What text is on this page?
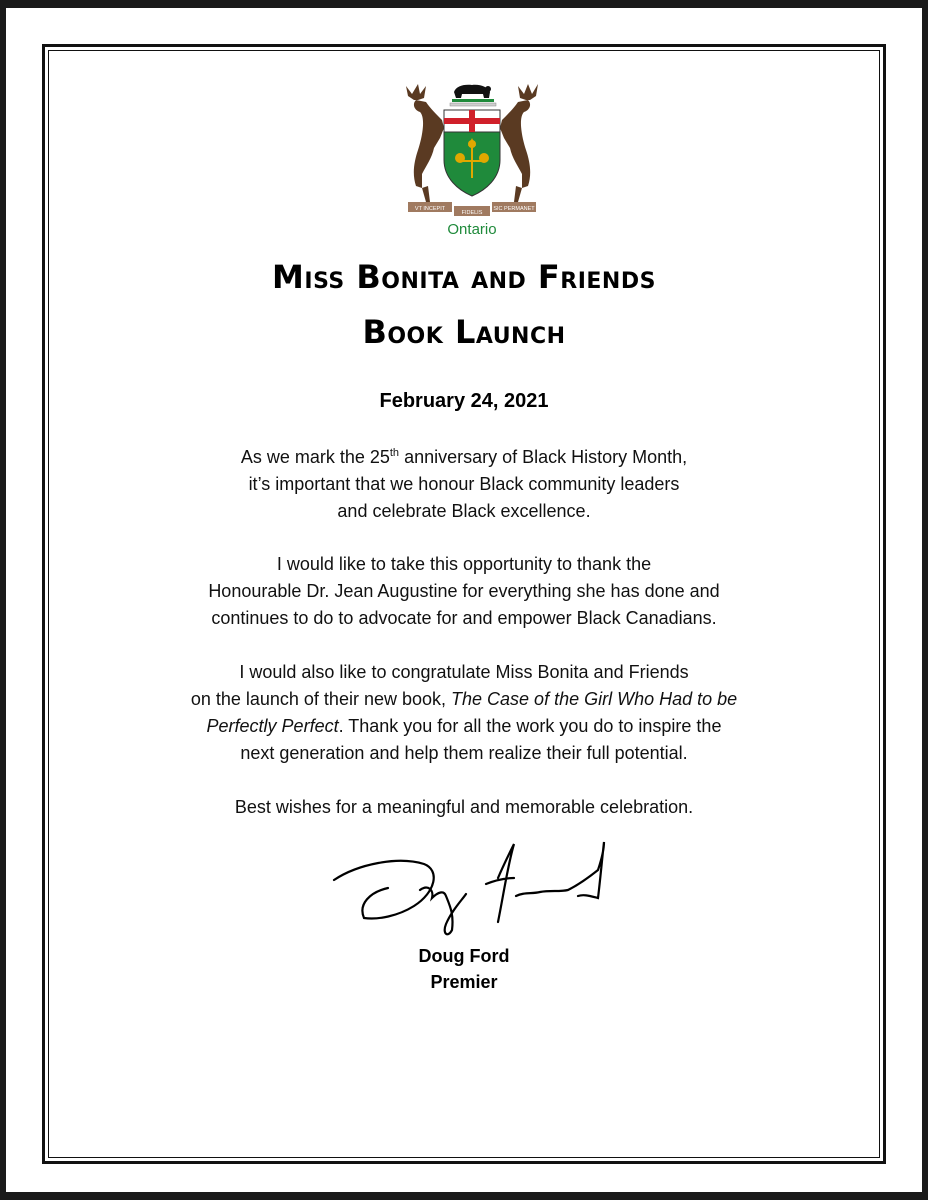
VT INCEPIT
FIDELIS
SIC PERMANET
Ontario
Miss Bonita and Friends
Book Launch
February 24, 2021
As we mark the 25th anniversary of Black History Month,
it’s important that we honour Black community leaders
and celebrate Black excellence.
I would like to take this opportunity to thank the
Honourable Dr. Jean Augustine for everything she has done and
continues to do to advocate for and empower Black Canadians.
I would also like to congratulate Miss Bonita and Friends
on the launch of their new book, The Case of the Girl Who Had to be
Perfectly Perfect. Thank you for all the work you do to inspire the
next generation and help them realize their full potential.
Best wishes for a meaningful and memorable celebration.
Doug Ford
Premier
